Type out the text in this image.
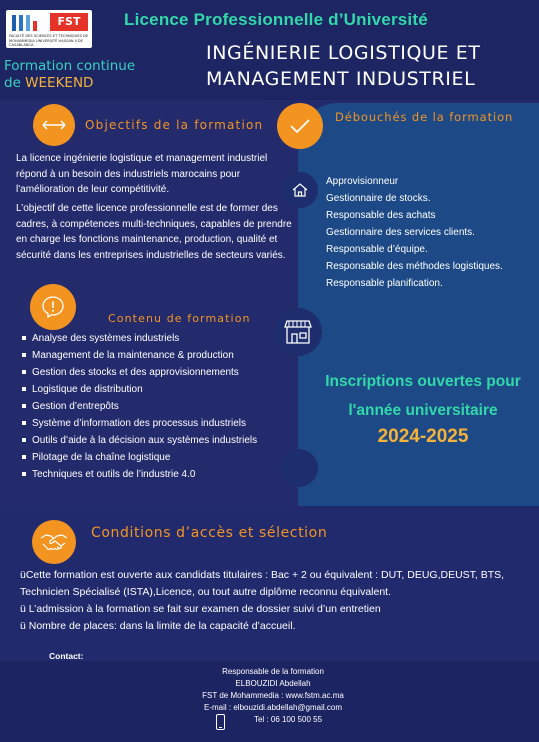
FST
FACULTÉ DES SCIENCES ET TECHNIQUES DE MOHAMMEDIA UNIVERSITÉ HASSAN II DE CASABLANCA
Licence Professionnelle d’Université
INGÉNIERIE LOGISTIQUE ET
MANAGEMENT INDUSTRIEL
Formation continue
de WEEKEND
Objectifs de la formation
La licence ingénierie logistique et management industriel répond à un besoin des industriels marocains pour l'amélioration de leur compétitivité.
L’objectif de cette licence professionnelle est de former des cadres, à compétences multi-techniques, capables de prendre en charge les fonctions maintenance, production, qualité et sécurité dans les entreprises industrielles de secteurs variés.
Débouchés de la formation
Approvisionneur
Gestionnaire de stocks.
Responsable des achats
Gestionnaire des services clients.
Responsable d’équipe.
Responsable des méthodes logistiques.
Responsable planification.
Contenu de formation
Analyse des systèmes industriels
Management de la maintenance & production
Gestion des stocks et des approvisionnements
Logistique de distribution
Gestion d’entrepôts
Système d’information des processus industriels
Outils d’aide à la décision aux systèmes industriels
Pilotage de la chaîne logistique
Techniques et outils de l’industrie 4.0
Inscriptions ouvertes pour
l'année universitaire
2024-2025
Conditions d’accès et sélection

üCette formation est ouverte aux candidats titulaires : Bac + 2 ou équivalent : DUT, DEUG,DEUST, BTS, Technicien Spécialisé (ISTA),Licence, ou tout autre diplôme reconnu équivalent.

ü L’admission à la formation se fait sur examen de dossier suivi d’un entretien

ü Nombre de places: dans la limite de la capacité d’accueil.

Contact:
Responsable de la formation
ELBOUZIDI Abdellah
FST de Mohammedia : www.fstm.ac.ma
E-mail : elbouzidi.abdellah@gmail.com
Tel : 06 100 500 55
